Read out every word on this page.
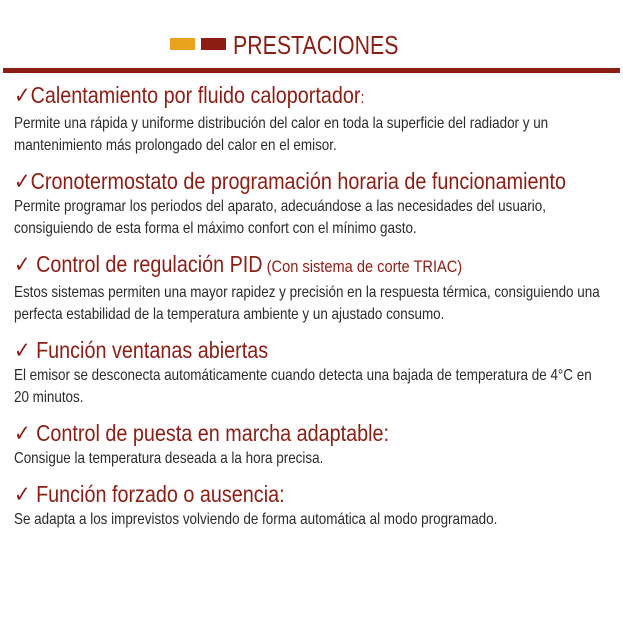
PRESTACIONES
✓Calentamiento por fluido caloportador:
Permite una rápida y uniforme distribución del calor en toda la superficie del radiador y un mantenimiento más prolongado del calor en el emisor.
✓Cronotermostato de programación horaria de funcionamiento
Permite programar los periodos del aparato, adecuándose a las necesidades del usuario, consiguiendo de esta forma el máximo confort con el mínimo gasto.
✓ Control de regulación PID (Con sistema de corte TRIAC)
Estos sistemas permiten una mayor rapidez y precisión en la respuesta térmica, consiguiendo una perfecta estabilidad de la temperatura ambiente y un ajustado consumo.
✓ Función ventanas abiertas
El emisor se desconecta automáticamente cuando detecta una bajada de temperatura de 4°C en 20 minutos.
✓ Control de puesta en marcha adaptable:
Consigue la temperatura deseada a la hora precisa.
✓ Función forzado o ausencia:
Se adapta a los imprevistos volviendo de forma automática al modo programado.
